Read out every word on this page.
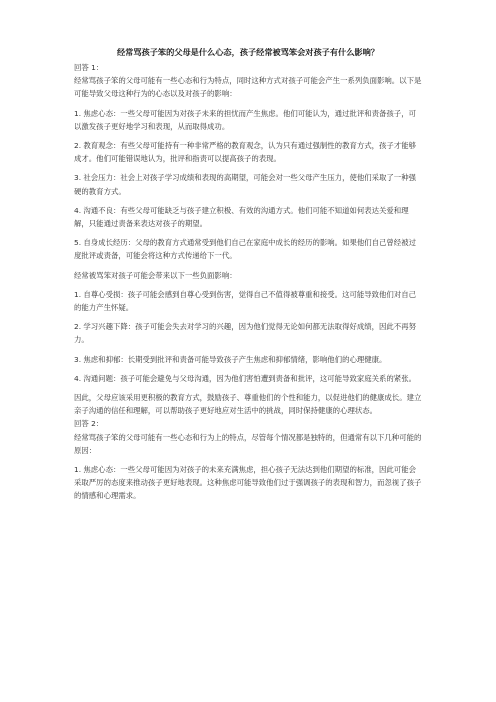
经常骂孩子笨的父母是什么心态，孩子经常被骂笨会对孩子有什么影响？
回答 1：
经常骂孩子笨的父母可能有一些心态和行为特点，同时这种方式对孩子可能会产生一系列负面影响。以下是可能导致父母这种行为的心态以及对孩子的影响：
1. 焦虑心态：一些父母可能因为对孩子未来的担忧而产生焦虑。他们可能认为，通过批评和责备孩子，可以激发孩子更好地学习和表现，从而取得成功。
2. 教育观念：有些父母可能持有一种非常严格的教育观念，认为只有通过强制性的教育方式，孩子才能够成才。他们可能错误地认为，批评和指责可以提高孩子的表现。
3. 社会压力：社会上对孩子学习成绩和表现的高期望，可能会对一些父母产生压力，使他们采取了一种强硬的教育方式。
4. 沟通不良：有些父母可能缺乏与孩子建立积极、有效的沟通方式。他们可能不知道如何表达关爱和理解，只能通过责备来表达对孩子的期望。
5. 自身成长经历：父母的教育方式通常受到他们自己在家庭中成长的经历的影响。如果他们自己曾经被过度批评或责备，可能会将这种方式传递给下一代。
经常被骂笨对孩子可能会带来以下一些负面影响：
1. 自尊心受损：孩子可能会感到自尊心受到伤害，觉得自己不值得被尊重和接受。这可能导致他们对自己的能力产生怀疑。
2. 学习兴趣下降：孩子可能会失去对学习的兴趣，因为他们觉得无论如何都无法取得好成绩，因此不再努力。
3. 焦虑和抑郁：长期受到批评和责备可能导致孩子产生焦虑和抑郁情绪，影响他们的心理健康。
4. 沟通问题：孩子可能会避免与父母沟通，因为他们害怕遭到责备和批评，这可能导致家庭关系的紧张。
因此，父母应该采用更积极的教育方式，鼓励孩子、尊重他们的个性和能力，以促进他们的健康成长。建立亲子沟通的信任和理解，可以帮助孩子更好地应对生活中的挑战，同时保持健康的心理状态。
回答 2：
经常骂孩子笨的父母可能有一些心态和行为上的特点，尽管每个情况都是独特的，但通常有以下几种可能的原因：
1. 焦虑心态：一些父母可能因为对孩子的未来充满焦虑，担心孩子无法达到他们期望的标准，因此可能会采取严厉的态度来推动孩子更好地表现。这种焦虑可能导致他们过于强调孩子的表现和智力，而忽视了孩子的情感和心理需求。
